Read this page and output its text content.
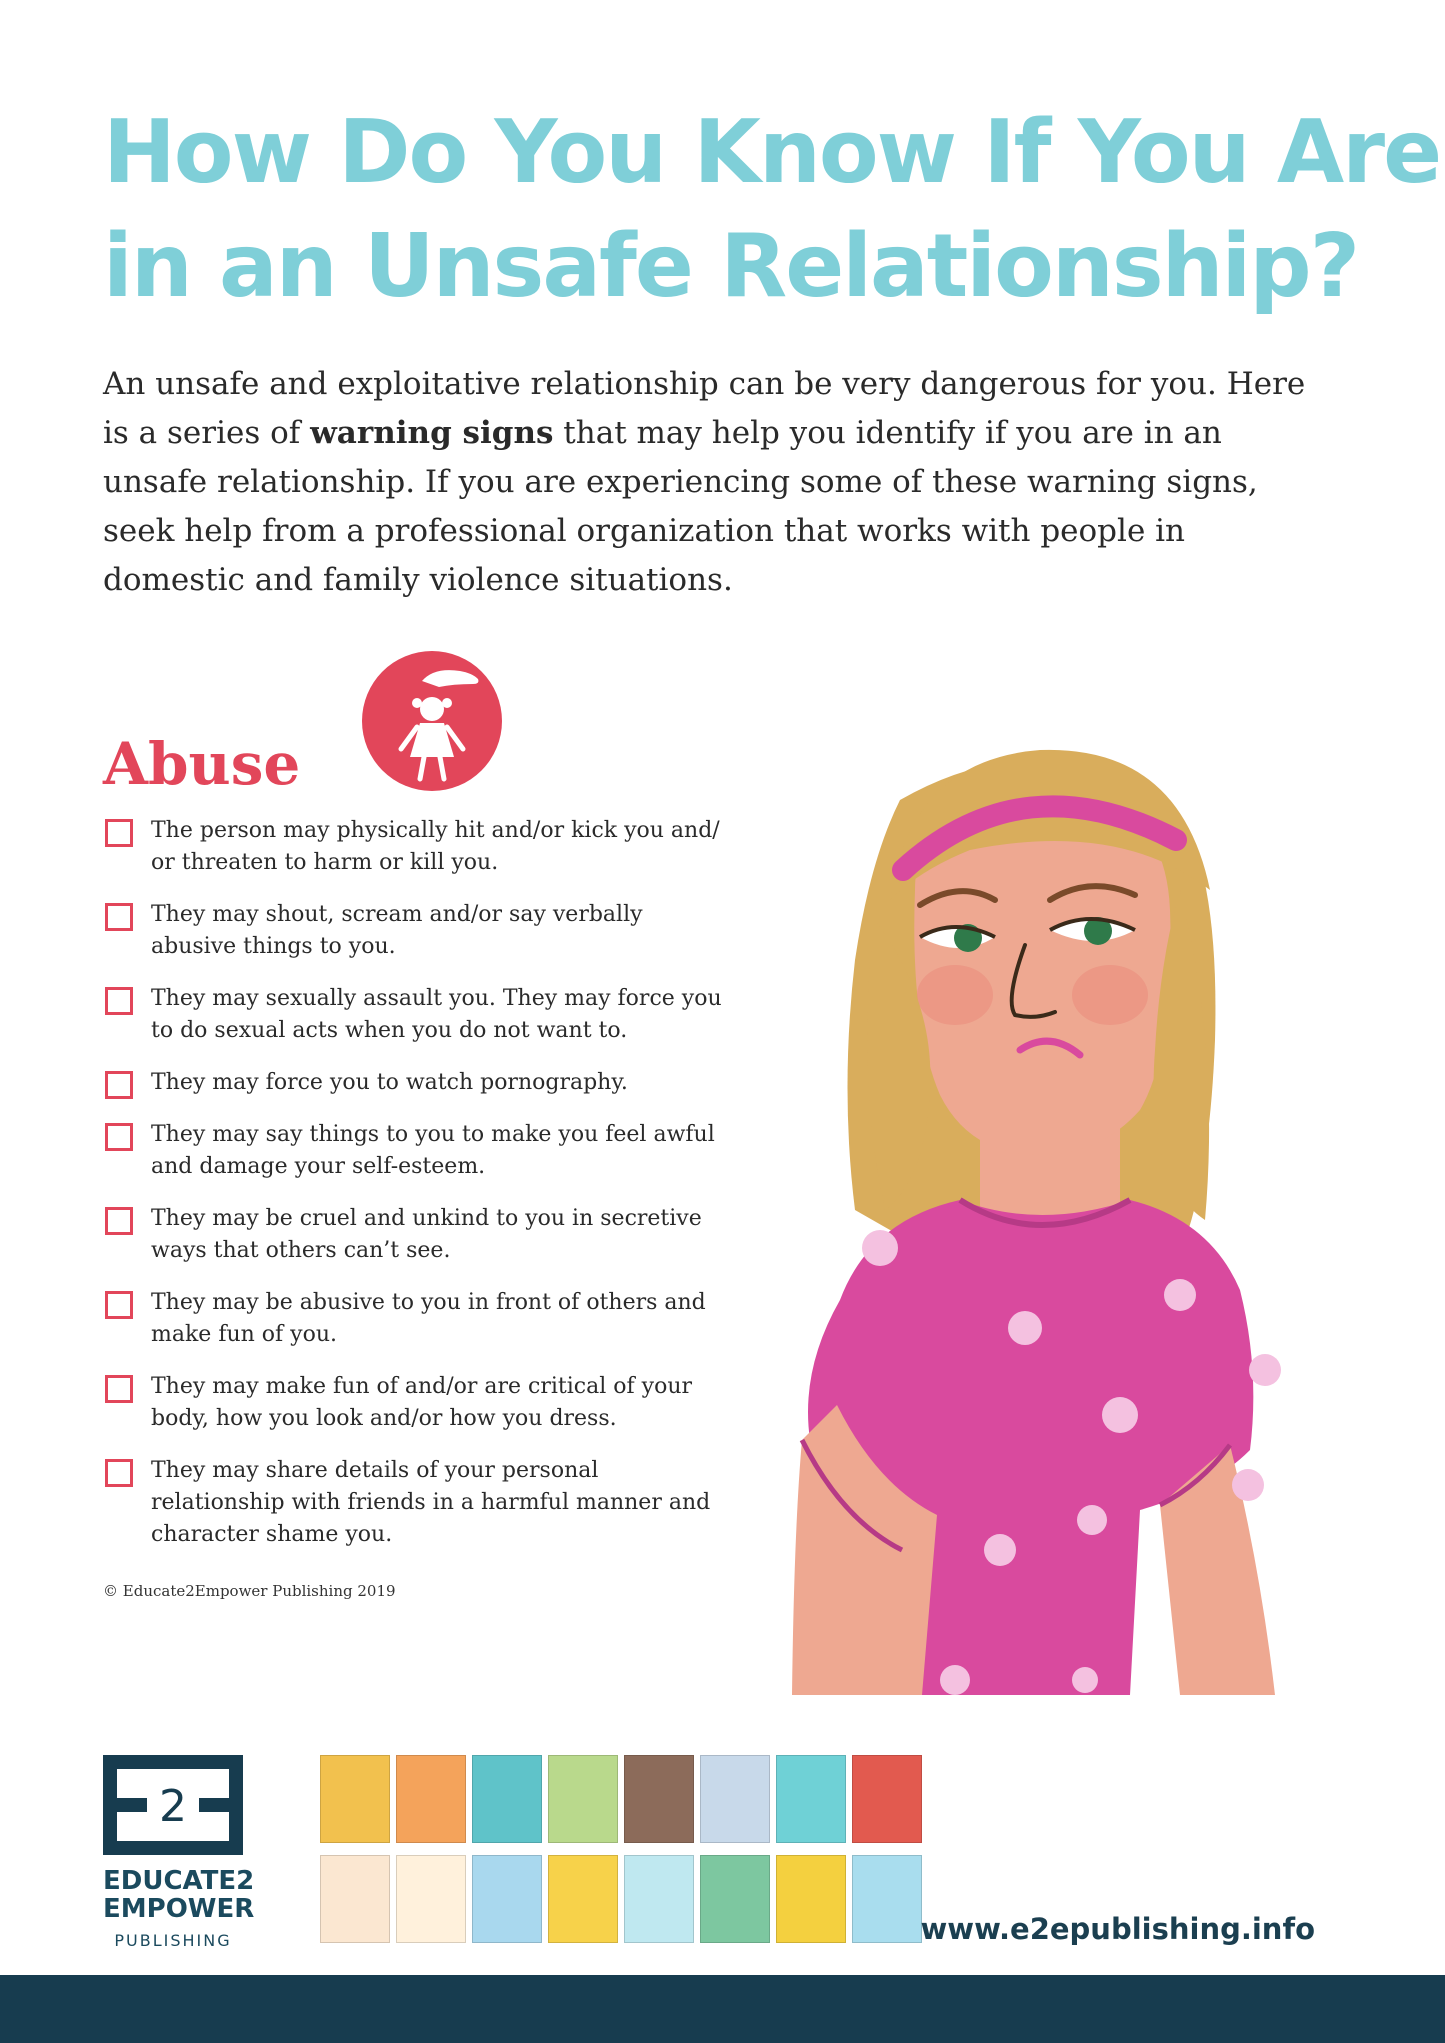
How Do You Know If You Are
in an Unsafe Relationship?

An unsafe and exploitative relationship can be very dangerous for you. Here is a series of warning signs that may help you identify if you are in an unsafe relationship. If you are experiencing some of these warning signs, seek help from a professional organization that works with people in domestic and family violence situations.

Abuse
The person may physically hit and/or kick you and/ or threaten to harm or kill you.
They may shout, scream and/or say verbally abusive things to you.
They may sexually assault you. They may force you to do sexual acts when you do not want to.
They may force you to watch pornography.
They may say things to you to make you feel awful and damage your self-esteem.
They may be cruel and unkind to you in secretive ways that others can’t see.
They may be abusive to you in front of others and make fun of you.
They may make fun of and/or are critical of your body, how you look and/or how you dress.
They may share details of your personal relationship with friends in a harmful manner and character shame you.
© Educate2Empower Publishing 2019
2
EDUCATE2
EMPOWER
PUBLISHING	www.e2epublishing.info
